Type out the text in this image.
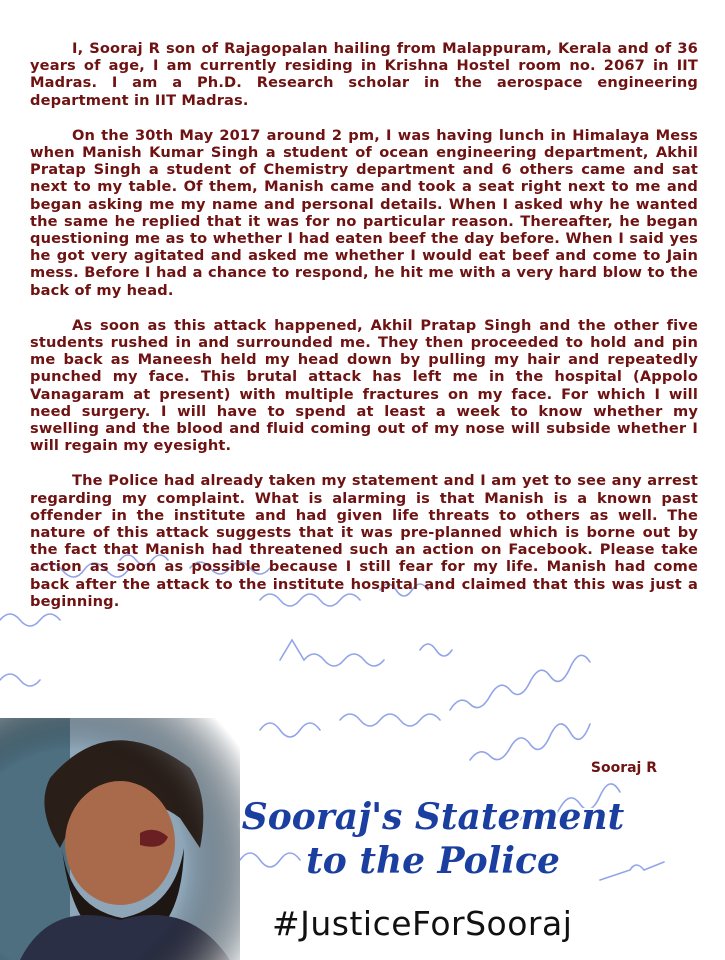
I, Sooraj R son of Rajagopalan hailing from Malappuram, Kerala and of 36 years of age, I am currently residing in Krishna Hostel room no. 2067 in IIT Madras. I am a Ph.D. Research scholar in the aerospace engineering department in IIT Madras.

On the 30th May 2017 around 2 pm, I was having lunch in Himalaya Mess when Manish Kumar Singh a student of ocean engineering department, Akhil Pratap Singh a student of Chemistry department and 6 others came and sat next to my table. Of them, Manish came and took a seat right next to me and began asking me my name and personal details. When I asked why he wanted the same he replied that it was for no particular reason. Thereafter, he began questioning me as to whether I had eaten beef the day before. When I said yes he got very agitated and asked me whether I would eat beef and come to Jain mess. Before I had a chance to respond, he hit me with a very hard blow to the back of my head.

As soon as this attack happened, Akhil Pratap Singh and the other five students rushed in and surrounded me. They then proceeded to hold and pin me back as Maneesh held my head down by pulling my hair and repeatedly punched my face. This brutal attack has left me in the hospital (Appolo Vanagaram at present) with multiple fractures on my face. For which I will need surgery. I will have to spend at least a week to know whether my swelling and the blood and fluid coming out of my nose will subside whether I will regain my eyesight.

The Police had already taken my statement and I am yet to see any arrest regarding my complaint. What is alarming is that Manish is a known past offender in the institute and had given life threats to others as well. The nature of this attack suggests that it was pre-planned which is borne out by the fact that Manish had threatened such an action on Facebook. Please take action as soon as possible because I still fear for my life. Manish had come back after the attack to the institute hospital and claimed that this was just a beginning.

Sooraj R
Sooraj's Statement
to the Police
#JusticeForSooraj
